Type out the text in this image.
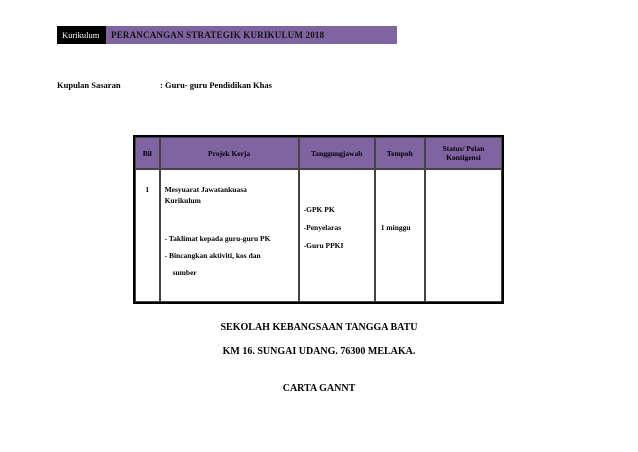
Kurikulum	PERANCANGAN STRATEGIK KURIKULUM 2018
Kupulan Sasaran	: Guru- guru Pendidikan Khas
Bil	Projek Kerja	Tanggungjawab	Tempoh	Status/ Pelan Kontigensi
1	Mesyuarat Jawatankuasa
Kurikulum
- Taklimat kepada guru-guru PK
- Bincangkan aktiviti, kos dan
sumber	-GPK PK
-Penyelaras
-Guru PPKI	1 minggu	

SEKOLAH KEBANGSAAN TANGGA BATU
KM 16. SUNGAI UDANG. 76300 MELAKA.
CARTA GANNT
